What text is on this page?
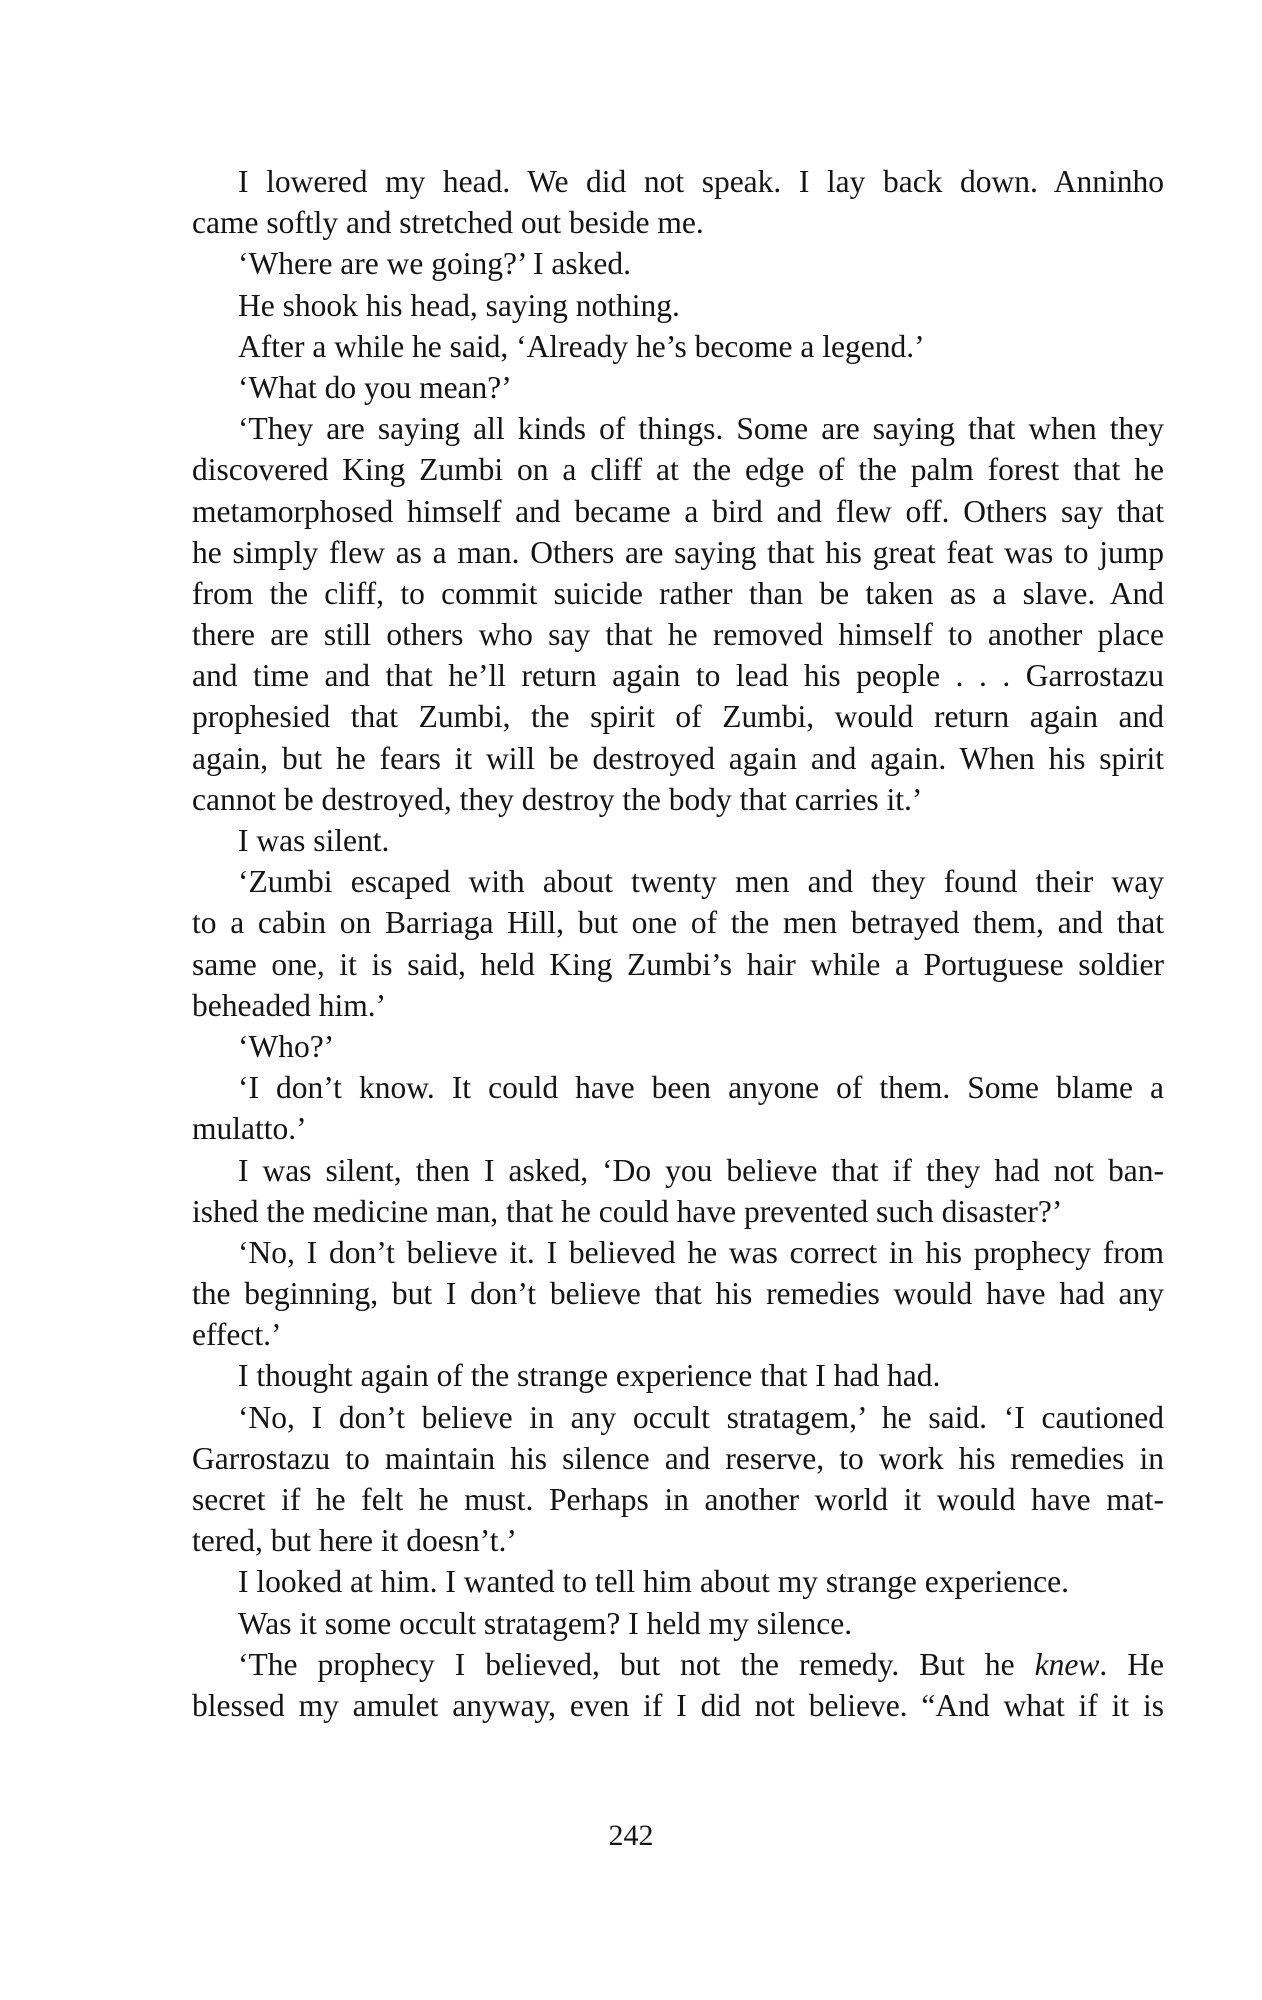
I lowered my head. We did not speak. I lay back down. Anninho
came softly and stretched out beside me.
‘Where are we going?’ I asked.
He shook his head, saying nothing.
After a while he said, ‘Already he’s become a legend.’
‘What do you mean?’
‘They are saying all kinds of things. Some are saying that when they
discovered King Zumbi on a cliff at the edge of the palm forest that he
metamorphosed himself and became a bird and flew off. Others say that
he simply flew as a man. Others are saying that his great feat was to jump
from the cliff, to commit suicide rather than be taken as a slave. And
there are still others who say that he removed himself to another place
and time and that he’ll return again to lead his people . . . Garrostazu
prophesied that Zumbi, the spirit of Zumbi, would return again and
again, but he fears it will be destroyed again and again. When his spirit
cannot be destroyed, they destroy the body that carries it.’
I was silent.
‘Zumbi escaped with about twenty men and they found their way
to a cabin on Barriaga Hill, but one of the men betrayed them, and that
same one, it is said, held King Zumbi’s hair while a Portuguese soldier
beheaded him.’
‘Who?’
‘I don’t know. It could have been anyone of them. Some blame a
mulatto.’
I was silent, then I asked, ‘Do you believe that if they had not ban-
ished the medicine man, that he could have prevented such disaster?’
‘No, I don’t believe it. I believed he was correct in his prophecy from
the beginning, but I don’t believe that his remedies would have had any
effect.’
I thought again of the strange experience that I had had.
‘No, I don’t believe in any occult stratagem,’ he said. ‘I cautioned
Garrostazu to maintain his silence and reserve, to work his remedies in
secret if he felt he must. Perhaps in another world it would have mat-
tered, but here it doesn’t.’
I looked at him. I wanted to tell him about my strange experience.
Was it some occult stratagem? I held my silence.
‘The prophecy I believed, but not the remedy. But he knew. He
blessed my amulet anyway, even if I did not believe. “And what if it is
242
